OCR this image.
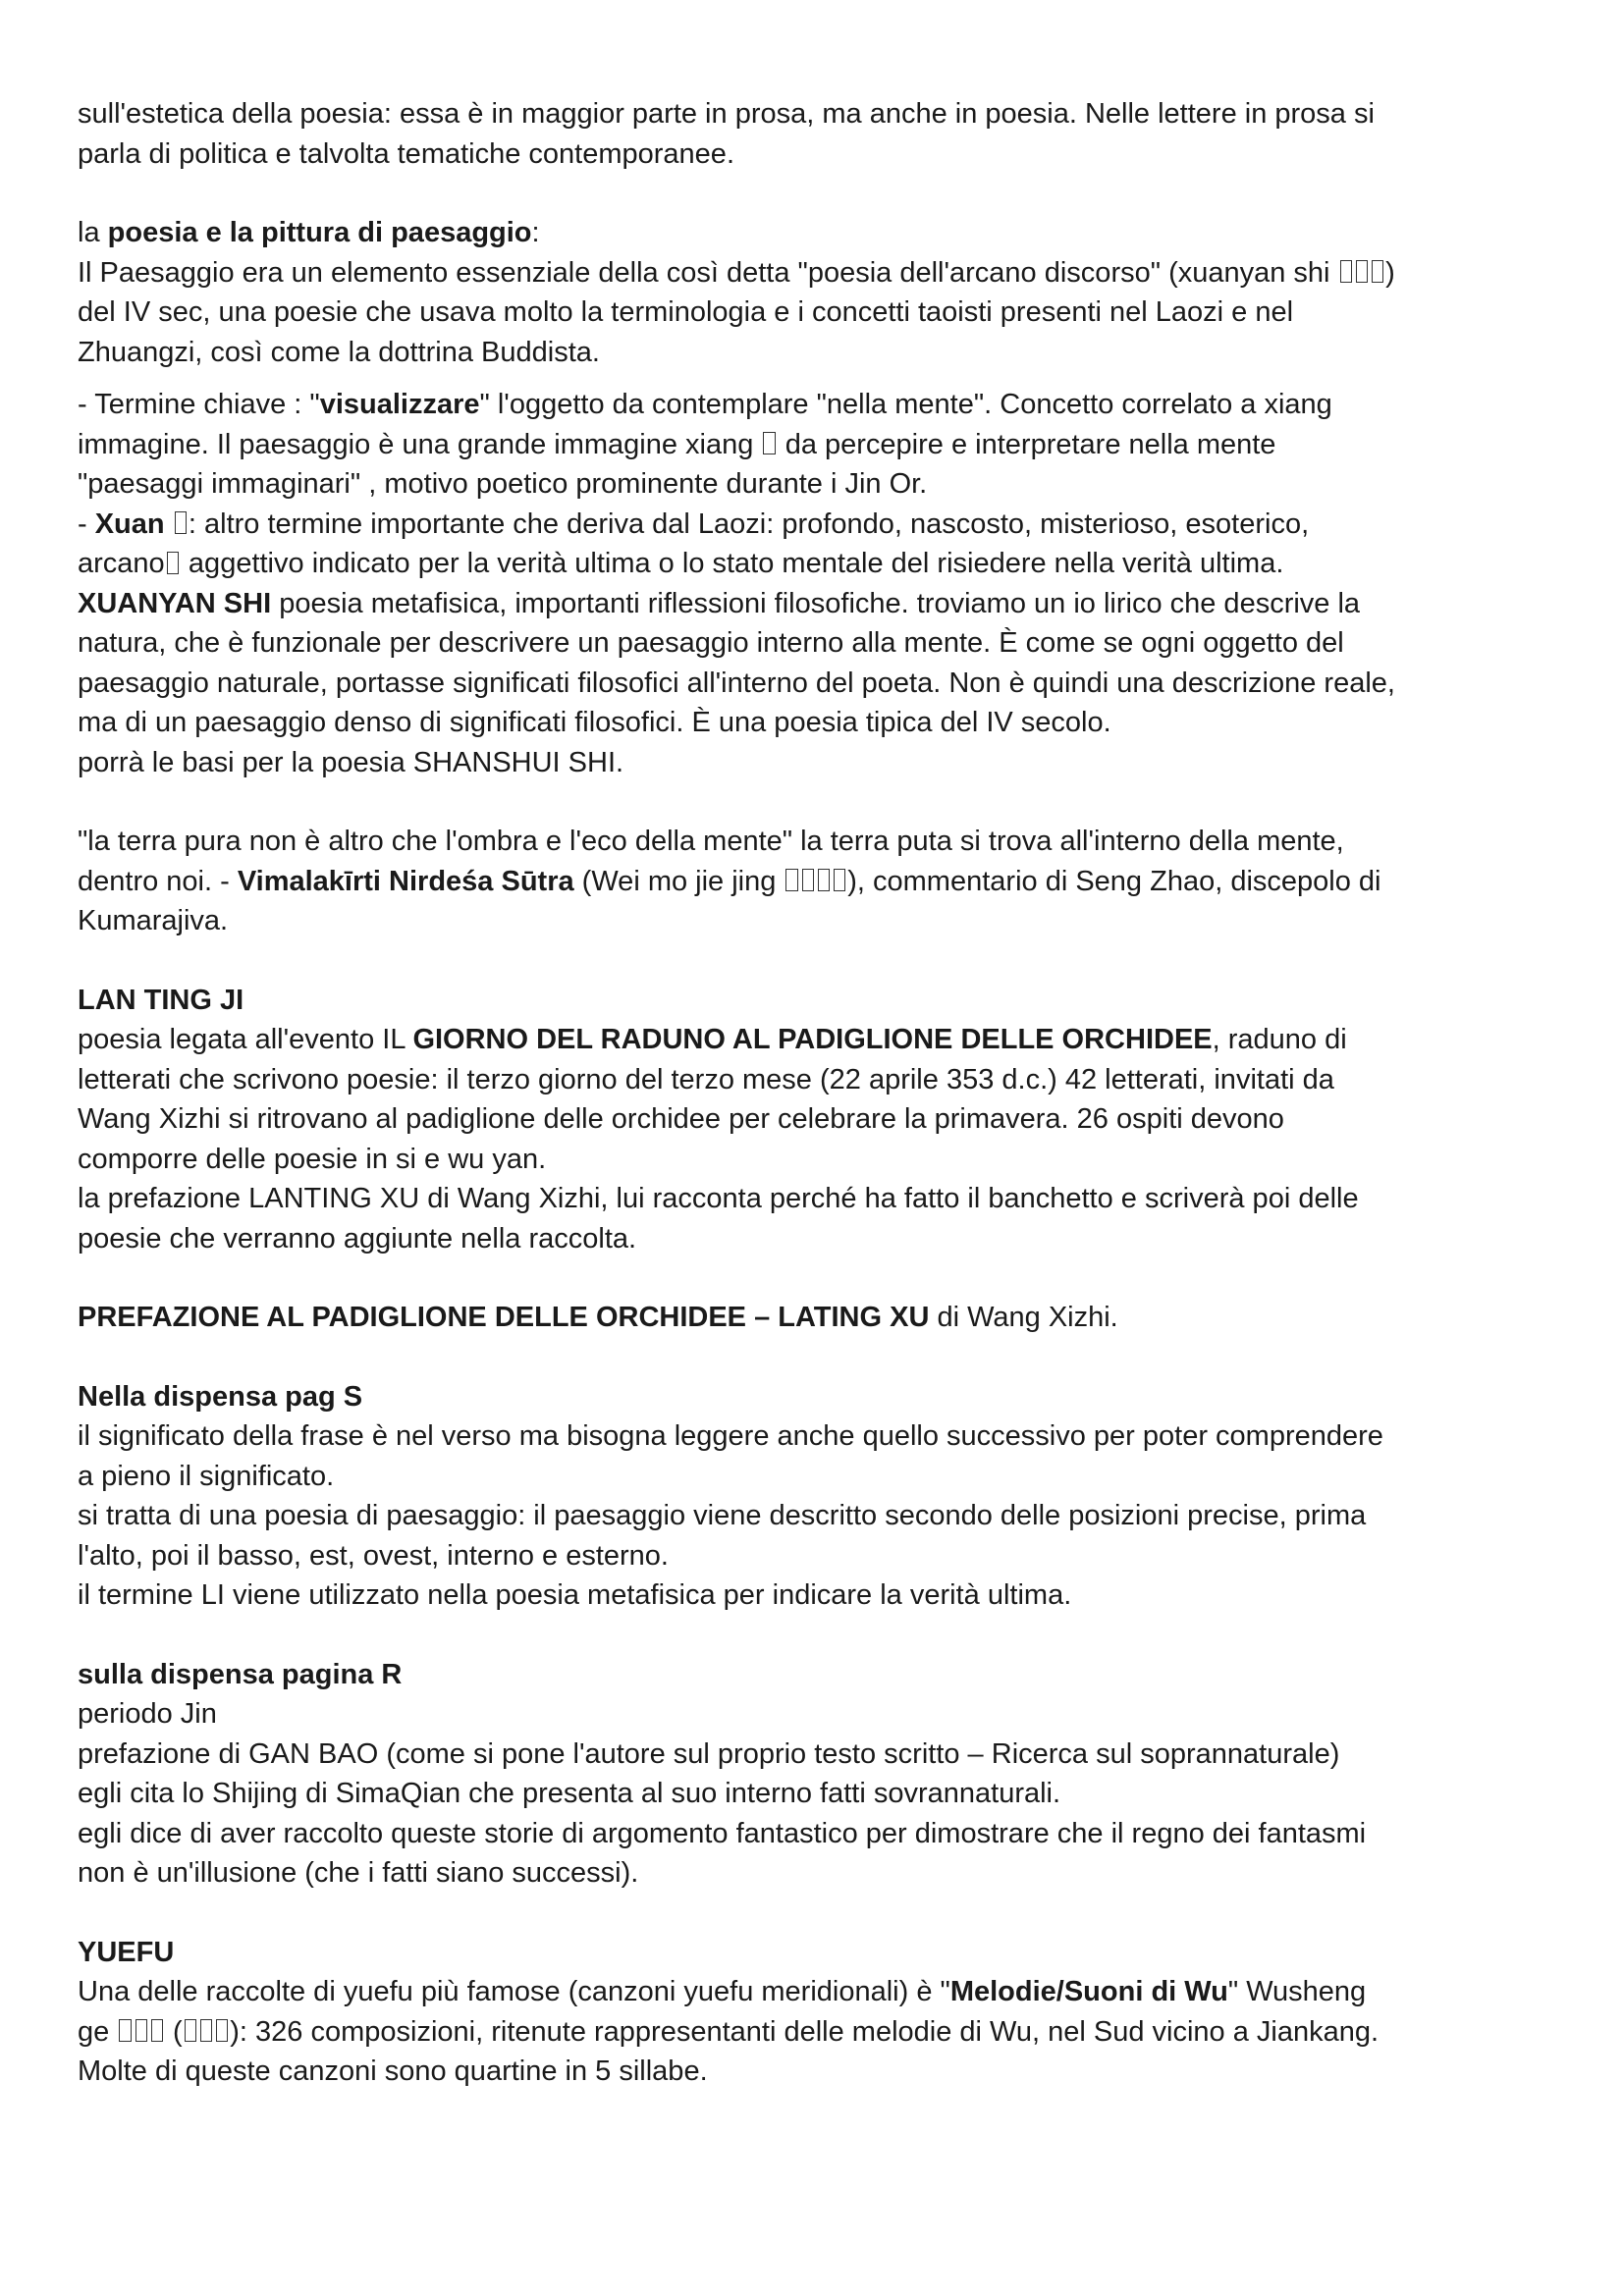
sull'estetica della poesia: essa è in maggior parte in prosa, ma anche in poesia. Nelle lettere in prosa si
parla di politica e talvolta tematiche contemporanee.
la poesia e la pittura di paesaggio:
Il Paesaggio era un elemento essenziale della così detta "poesia dell'arcano discorso" (xuanyan shi )
del IV sec, una poesie che usava molto la terminologia e i concetti taoisti presenti nel Laozi e nel
Zhuangzi, così come la dottrina Buddista.
- Termine chiave : "visualizzare" l'oggetto da contemplare "nella mente". Concetto correlato a xiang
immagine. Il paesaggio è una grande immagine xiang  da percepire e interpretare nella mente
"paesaggi immaginari" , motivo poetico prominente durante i Jin Or.
- Xuan : altro termine importante che deriva dal Laozi: profondo, nascosto, misterioso, esoterico,
arcano aggettivo indicato per la verità ultima o lo stato mentale del risiedere nella verità ultima.
XUANYAN SHI poesia metafisica, importanti riflessioni filosofiche. troviamo un io lirico che descrive la
natura, che è funzionale per descrivere un paesaggio interno alla mente. È come se ogni oggetto del
paesaggio naturale, portasse significati filosofici all'interno del poeta. Non è quindi una descrizione reale,
ma di un paesaggio denso di significati filosofici. È una poesia tipica del IV secolo.
porrà le basi per la poesia SHANSHUI SHI.
"la terra pura non è altro che l'ombra e l'eco della mente" la terra puta si trova all'interno della mente,
dentro noi. - Vimalakīrti Nirdeśa Sūtra (Wei mo jie jing ), commentario di Seng Zhao, discepolo di
Kumarajiva.
LAN TING JI
poesia legata all'evento IL GIORNO DEL RADUNO AL PADIGLIONE DELLE ORCHIDEE, raduno di
letterati che scrivono poesie: il terzo giorno del terzo mese (22 aprile 353 d.c.) 42 letterati, invitati da
Wang Xizhi si ritrovano al padiglione delle orchidee per celebrare la primavera. 26 ospiti devono
comporre delle poesie in si e wu yan.
la prefazione LANTING XU di Wang Xizhi, lui racconta perché ha fatto il banchetto e scriverà poi delle
poesie che verranno aggiunte nella raccolta.
PREFAZIONE AL PADIGLIONE DELLE ORCHIDEE – LATING XU di Wang Xizhi.
Nella dispensa pag S
il significato della frase è nel verso ma bisogna leggere anche quello successivo per poter comprendere
a pieno il significato.
si tratta di una poesia di paesaggio: il paesaggio viene descritto secondo delle posizioni precise, prima
l'alto, poi il basso, est, ovest, interno e esterno.
il termine LI viene utilizzato nella poesia metafisica per indicare la verità ultima.
sulla dispensa pagina R
periodo Jin
prefazione di GAN BAO (come si pone l'autore sul proprio testo scritto – Ricerca sul soprannaturale)
egli cita lo Shijing di SimaQian che presenta al suo interno fatti sovrannaturali.
egli dice di aver raccolto queste storie di argomento fantastico per dimostrare che il regno dei fantasmi
non è un'illusione (che i fatti siano successi).
YUEFU
Una delle raccolte di yuefu più famose (canzoni yuefu meridionali) è "Melodie/Suoni di Wu" Wusheng
ge  ( ): 326 composizioni, ritenute rappresentanti delle melodie di Wu, nel Sud vicino a Jiankang.
Molte di queste canzoni sono quartine in 5 sillabe.
